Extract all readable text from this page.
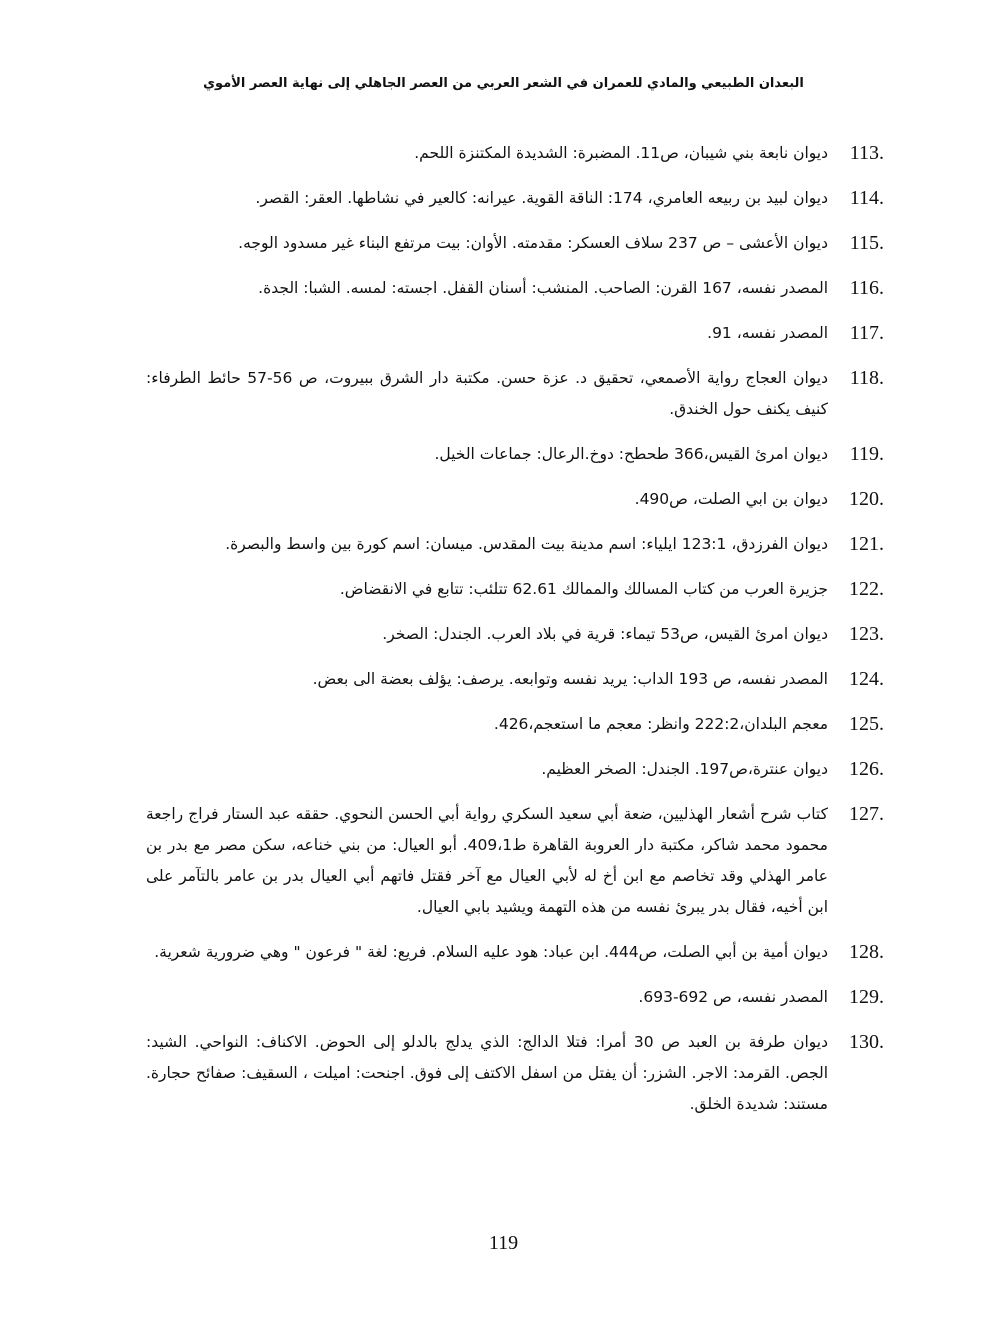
البعدان الطبيعي والمادي للعمران في الشعر العربي من العصر الجاهلي إلى نهاية العصر الأموي
113.
ديوان نابعة بني شيبان، ص11. المضبرة: الشديدة المكتنزة اللحم.
114.
ديوان لبيد بن ربيعه العامري، 174: الناقة القوية. عيرانه: كالعير في نشاطها. العقر: القصر.
115.
ديوان الأعشى – ص 237 سلاف العسكر: مقدمته. الأوان: بيت مرتفع البناء غير مسدود الوجه.
116.
المصدر نفسه، 167 القرن: الصاحب. المنشب: أسنان القفل. اجسته: لمسه. الشبا: الجدة.
117.
المصدر نفسه، 91.
118.
ديوان العجاج رواية الأصمعي، تحقيق د. عزة حسن. مكتبة دار الشرق ببيروت، ص 56-57 حائط الطرفاء: كنيف يكنف حول الخندق.
119.
ديوان امرئ القيس،366 طحطح: دوخ.الرعال: جماعات الخيل.
120.
ديوان بن ابي الصلت، ص490.
121.
ديوان الفرزدق، 123:1 ايلياء: اسم مدينة بيت المقدس. ميسان: اسم كورة بين واسط والبصرة.
122.
جزيرة العرب من كتاب المسالك والممالك 62.61 تتلئب: تتابع في الانقضاض.
123.
ديوان امرئ القيس، ص53 تيماء: قرية في بلاد العرب. الجندل: الصخر.
124.
المصدر نفسه، ص 193 الداب: يريد نفسه وتوابعه. يرصف: يؤلف بعضة الى بعض.
125.
معجم البلدان،222:2 وانظر: معجم ما استعجم،426.
126.
ديوان عنترة،ص197. الجندل: الصخر العظيم.
127.
كتاب شرح أشعار الهذليين، ضعة أبي سعيد السكري رواية أبي الحسن النحوي. حققه عبد الستار فراج راجعة محمود محمد شاكر، مكتبة دار العروبة القاهرة ط409،1. أبو العيال: من بني خناعه، سكن مصر مع بدر بن عامر الهذلي وقد تخاصم مع ابن أخ له لأبي العيال مع آخر فقتل فاتهم أبي العيال بدر بن عامر بالتآمر على ابن أخيه، فقال بدر يبرئ نفسه من هذه التهمة ويشيد بابي العيال.
128.
ديوان أمية بن أبي الصلت، ص444. ابن عباد: هود عليه السلام. فريع: لغة " فرعون " وهي ضرورية شعرية.
129.
المصدر نفسه، ص 692-693.
130.
ديوان طرفة بن العبد ص 30 أمرا: فتلا الدالج: الذي يدلج بالدلو إلى الحوض. الاكناف: النواحي. الشيد: الجص. القرمد: الاجر. الشزر: أن يفتل من اسفل الاكتف إلى فوق. اجنحت: اميلت ، السقيف: صفائح حجارة. مستند: شديدة الخلق.
119
